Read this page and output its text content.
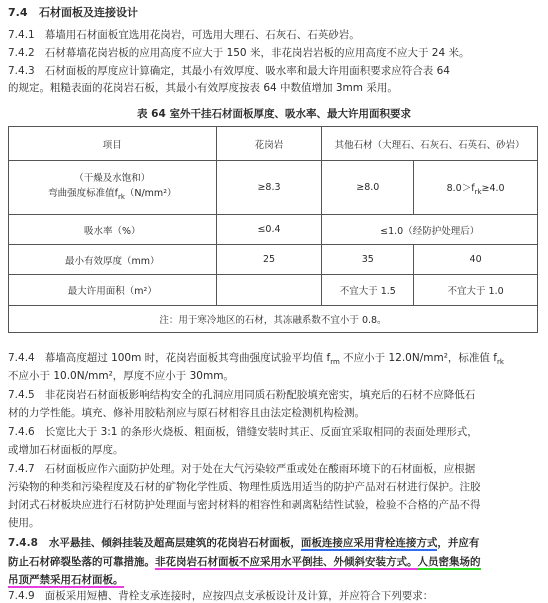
7.4 石材面板及连接设计
7.4.1 幕墙用石材面板宜选用花岗岩，可选用大理石、石灰石、石英砂岩。
7.4.2 石材幕墙花岗岩板的应用高度不应大于 150 米，非花岗岩岩板的应用高度不应大于 24 米。
7.4.3 石材面板的厚度应计算确定，其最小有效厚度、吸水率和最大许用面积要求应符合表 64
的规定。粗糙表面的花岗岩石板，其最小有效厚度按表 64 中数值增加 3mm 采用。
表 64 室外干挂石材面板厚度、吸水率、最大许用面积要求
项目	花岗岩	其他石材（大理石、石灰石、石英石、砂岩）	

（干燥及水饱和）
弯曲强度标准值$f_{rk}(N/mm^2)$	≥8.3	≥8.0	$8.0>f_{rk}\ge 4.0$
吸水率（%）	≤0.4	≤1.0（经防护处理后）	
最小有效厚度（mm）	25	35	40
最大许用面积（m²）		不宜大于 1.5	不宜大于 1.0
注：用于寒冷地区的石材，其冻融系数不宜小于 0.8。			
7.4.4 幕墙高度超过 100m 时，花岗岩面板其弯曲强度试验平均值 $f_{rm}$ 不应小于 12.0N/mm²，标准值 $f_{rk}$
不应小于 10.0N/mm²，厚度不应小于 30mm。
7.4.5 非花岗岩石材面板影响结构安全的孔洞应用同质石粉配胶填充密实，填充后的石材不应降低石
材的力学性能。填充、修补用胶粘剂应与原石材相容且由法定检测机构检测。
7.4.6 长宽比大于 3:1 的条形火烧板、粗面板，错缝安装时其正、反面宜采取相同的表面处理形式，
或增加石材面板的厚度。
7.4.7 石材面板应作六面防护处理。对于处在大气污染较严重或处在酸雨环境下的石材面板，应根据
污染物的种类和污染程度及石材的矿物化学性质、物理性质选用适当的防护产品对石材进行保护。注胶
封闭式石材板块应进行石材防护处理面与密封材料的相容性和剥离粘结性试验，检验不合格的产品不得
使用。
7.4.8 水平悬挂、倾斜挂装及超高层建筑的花岗岩石材面板，面板连接应采用背栓连接方式，并应有
防止石材碎裂坠落的可靠措施。非花岗岩石材面板不应采用水平倒挂、外倾斜安装方式。人员密集场的
吊顶严禁采用石材面板。
7.4.9 面板采用短槽、背栓支承连接时，应按四点支承板设计及计算，并应符合下列要求：
